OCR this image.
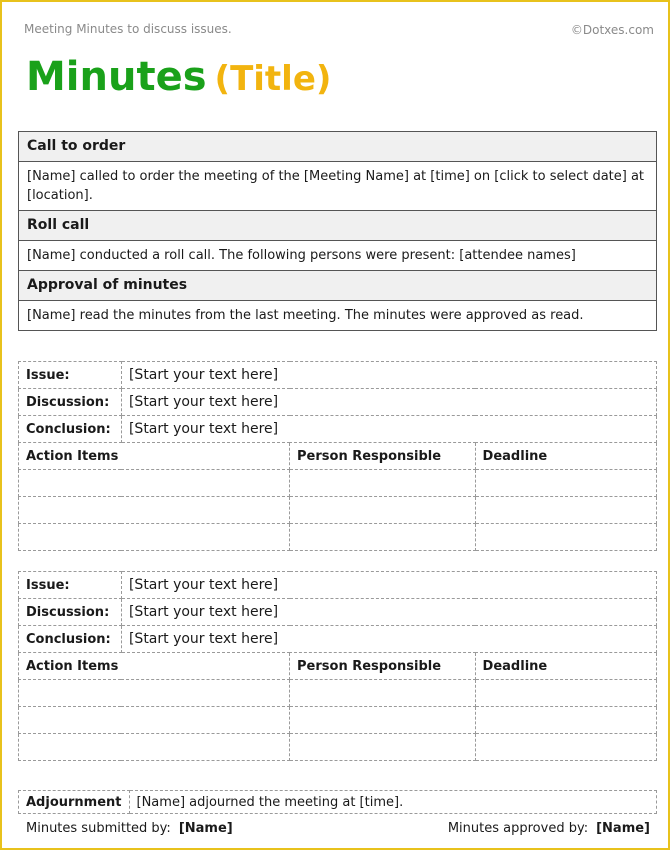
Meeting Minutes to discuss issues.	©Dotxes.com
Minutes (Title)
Call to order
[Name] called to order the meeting of the [Meeting Name] at [time] on [click to select date] at [location].
Roll call
[Name] conducted a roll call. The following persons were present: [attendee names]
Approval of minutes
[Name] read the minutes from the last meeting. The minutes were approved as read.
Issue:	[Start your text here]		
Discussion:	[Start your text here]		
Conclusion:	[Start your text here]		
Action Items		Person Responsible	Deadline

Issue:	[Start your text here]		
Discussion:	[Start your text here]		
Conclusion:	[Start your text here]		
Action Items		Person Responsible	Deadline

Adjournment	[Name] adjourned the meeting at [time].
Minutes submitted by: [Name]	Minutes approved by: [Name]
